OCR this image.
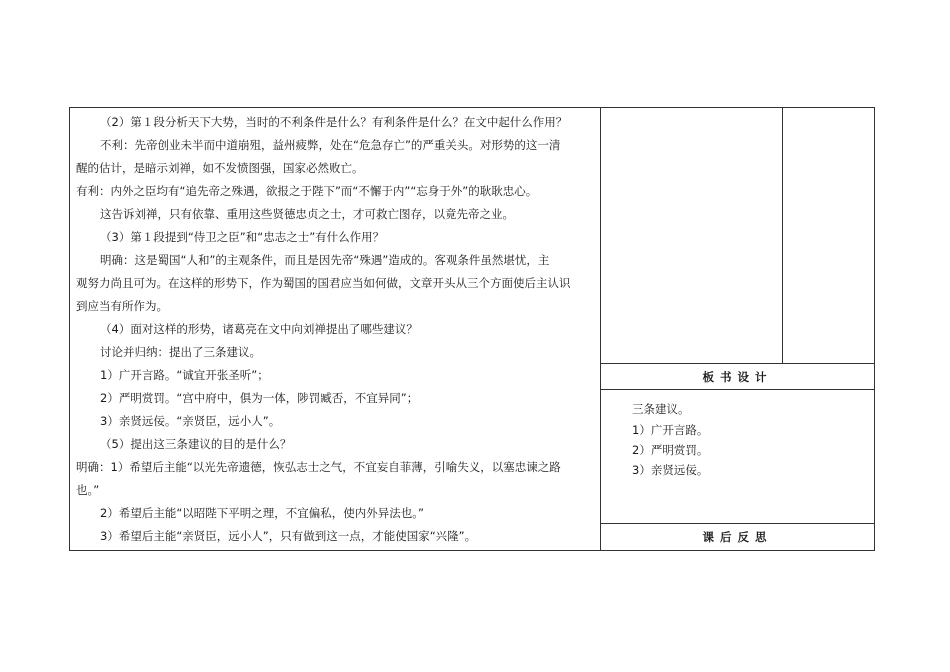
（2）第１段分析天下大势，当时的不利条件是什么？有利条件是什么？在文中起什么作用？
不利：先帝创业未半而中道崩殂，益州疲弊，处在“危急存亡”的严重关头。对形势的这一清
醒的估计，是暗示刘禅，如不发愤图强，国家必然败亡。
有利：内外之臣均有“追先帝之殊遇，欲报之于陛下”而“不懈于内”“忘身于外”的耿耿忠心。
这告诉刘禅，只有依靠、重用这些贤德忠贞之士，才可救亡图存，以竟先帝之业。
（3）第１段提到“侍卫之臣”和“忠志之士”有什么作用？
明确：这是蜀国“人和”的主观条件，而且是因先帝“殊遇”造成的。客观条件虽然堪忧，主
观努力尚且可为。在这样的形势下，作为蜀国的国君应当如何做，文章开头从三个方面使后主认识
到应当有所作为。
（4）面对这样的形势，诸葛亮在文中向刘禅提出了哪些建议？
讨论并归纳：提出了三条建议。
1）广开言路。“诚宜开张圣听”；
2）严明赏罚。“宫中府中，俱为一体，陟罚臧否，不宜异同”；
3）亲贤远佞。“亲贤臣，远小人”。
（5）提出这三条建议的目的是什么？
明确：1）希望后主能“以光先帝遗德，恢弘志士之气，不宜妄自菲薄，引喻失义，以塞忠谏之路
也。”
2）希望后主能“以昭陛下平明之理，不宜偏私，使内外异法也。”
3）希望后主能“亲贤臣，远小人”，只有做到这一点，才能使国家“兴隆”。
板书设计
三条建议。
1）广开言路。
2）严明赏罚。
3）亲贤远佞。
课后反思
